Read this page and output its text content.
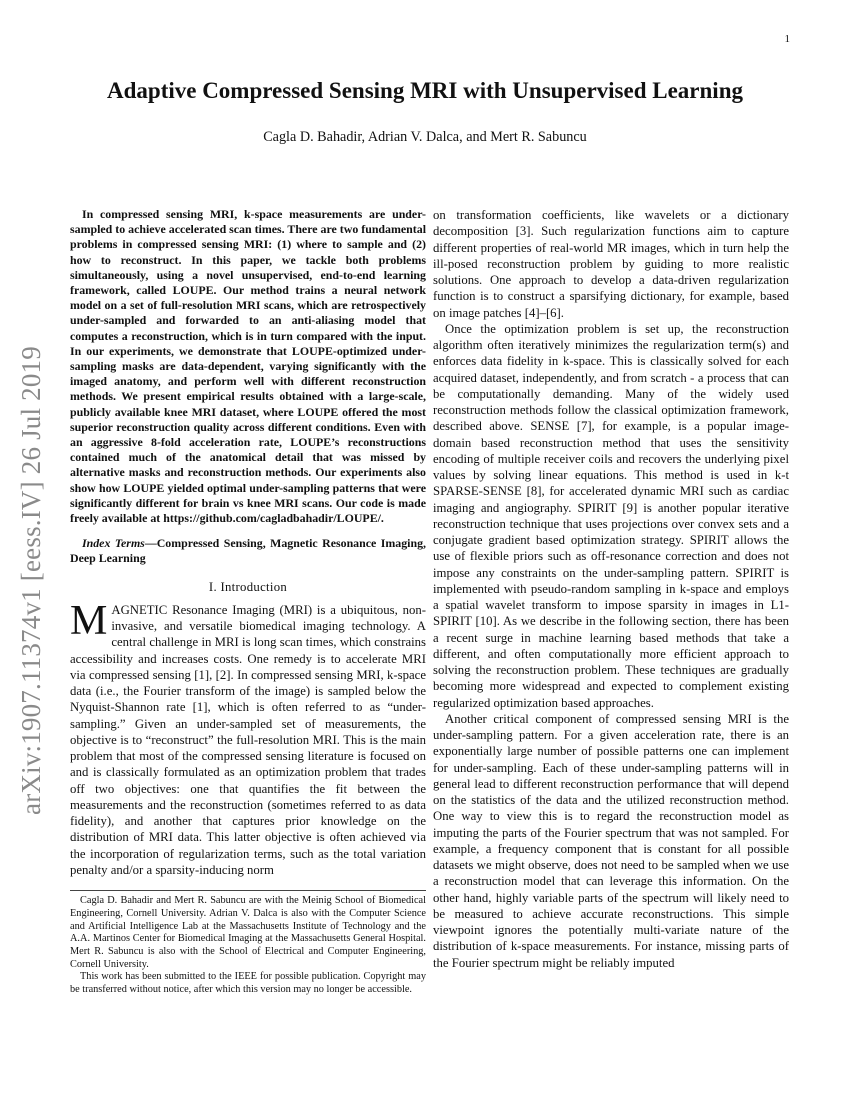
1
arXiv:1907.11374v1 [eess.IV] 26 Jul 2019
Adaptive Compressed Sensing MRI with Unsupervised Learning
Cagla D. Bahadir, Adrian V. Dalca, and Mert R. Sabuncu

In compressed sensing MRI, k-space measurements are under-sampled to achieve accelerated scan times. There are two fundamental problems in compressed sensing MRI: (1) where to sample and (2) how to reconstruct. In this paper, we tackle both problems simultaneously, using a novel unsupervised, end-to-end learning framework, called LOUPE. Our method trains a neural network model on a set of full-resolution MRI scans, which are retrospectively under-sampled and forwarded to an anti-aliasing model that computes a reconstruction, which is in turn compared with the input. In our experiments, we demonstrate that LOUPE-optimized under-sampling masks are data-dependent, varying significantly with the imaged anatomy, and perform well with different reconstruction methods. We present empirical results obtained with a large-scale, publicly available knee MRI dataset, where LOUPE offered the most superior reconstruction quality across different conditions. Even with an aggressive 8-fold acceleration rate, LOUPE’s reconstructions contained much of the anatomical detail that was missed by alternative masks and reconstruction methods. Our experiments also show how LOUPE yielded optimal under-sampling patterns that were significantly different for brain vs knee MRI scans. Our code is made freely available at https://github.com/cagladbahadir/LOUPE/.

Index Terms—Compressed Sensing, Magnetic Resonance Imaging, Deep Learning

I. Introduction

MAGNETIC Resonance Imaging (MRI) is a ubiquitous, non-invasive, and versatile biomedical imaging technology. A central challenge in MRI is long scan times, which constrains accessibility and increases costs. One remedy is to accelerate MRI via compressed sensing [1], [2]. In compressed sensing MRI, k-space data (i.e., the Fourier transform of the image) is sampled below the Nyquist-Shannon rate [1], which is often referred to as “under-sampling.” Given an under-sampled set of measurements, the objective is to “reconstruct” the full-resolution MRI. This is the main problem that most of the compressed sensing literature is focused on and is classically formulated as an optimization problem that trades off two objectives: one that quantifies the fit between the measurements and the reconstruction (sometimes referred to as data fidelity), and another that captures prior knowledge on the distribution of MRI data. This latter objective is often achieved via the incorporation of regularization terms, such as the total variation penalty and/or a sparsity-inducing norm

Cagla D. Bahadir and Mert R. Sabuncu are with the Meinig School of Biomedical Engineering, Cornell University. Adrian V. Dalca is also with the Computer Science and Artificial Intelligence Lab at the Massachusetts Institute of Technology and the A.A. Martinos Center for Biomedical Imaging at the Massachusetts General Hospital. Mert R. Sabuncu is also with the School of Electrical and Computer Engineering, Cornell University.

This work has been submitted to the IEEE for possible publication. Copyright may be transferred without notice, after which this version may no longer be accessible.

on transformation coefficients, like wavelets or a dictionary decomposition [3]. Such regularization functions aim to capture different properties of real-world MR images, which in turn help the ill-posed reconstruction problem by guiding to more realistic solutions. One approach to develop a data-driven regularization function is to construct a sparsifying dictionary, for example, based on image patches [4]–[6].

Once the optimization problem is set up, the reconstruction algorithm often iteratively minimizes the regularization term(s) and enforces data fidelity in k-space. This is classically solved for each acquired dataset, independently, and from scratch - a process that can be computationally demanding. Many of the widely used reconstruction methods follow the classical optimization framework, described above. SENSE [7], for example, is a popular image-domain based reconstruction method that uses the sensitivity encoding of multiple receiver coils and recovers the underlying pixel values by solving linear equations. This method is used in k-t SPARSE-SENSE [8], for accelerated dynamic MRI such as cardiac imaging and angiography. SPIRIT [9] is another popular iterative reconstruction technique that uses projections over convex sets and a conjugate gradient based optimization strategy. SPIRIT allows the use of flexible priors such as off-resonance correction and does not impose any constraints on the under-sampling pattern. SPIRIT is implemented with pseudo-random sampling in k-space and employs a spatial wavelet transform to impose sparsity in images in L1-SPIRIT [10]. As we describe in the following section, there has been a recent surge in machine learning based methods that take a different, and often computationally more efficient approach to solving the reconstruction problem. These techniques are gradually becoming more widespread and expected to complement existing regularized optimization based approaches.

Another critical component of compressed sensing MRI is the under-sampling pattern. For a given acceleration rate, there is an exponentially large number of possible patterns one can implement for under-sampling. Each of these under-sampling patterns will in general lead to different reconstruction performance that will depend on the statistics of the data and the utilized reconstruction method. One way to view this is to regard the reconstruction model as imputing the parts of the Fourier spectrum that was not sampled. For example, a frequency component that is constant for all possible datasets we might observe, does not need to be sampled when we use a reconstruction model that can leverage this information. On the other hand, highly variable parts of the spectrum will likely need to be measured to achieve accurate reconstructions. This simple viewpoint ignores the potentially multi-variate nature of the distribution of k-space measurements. For instance, missing parts of the Fourier spectrum might be reliably imputed
